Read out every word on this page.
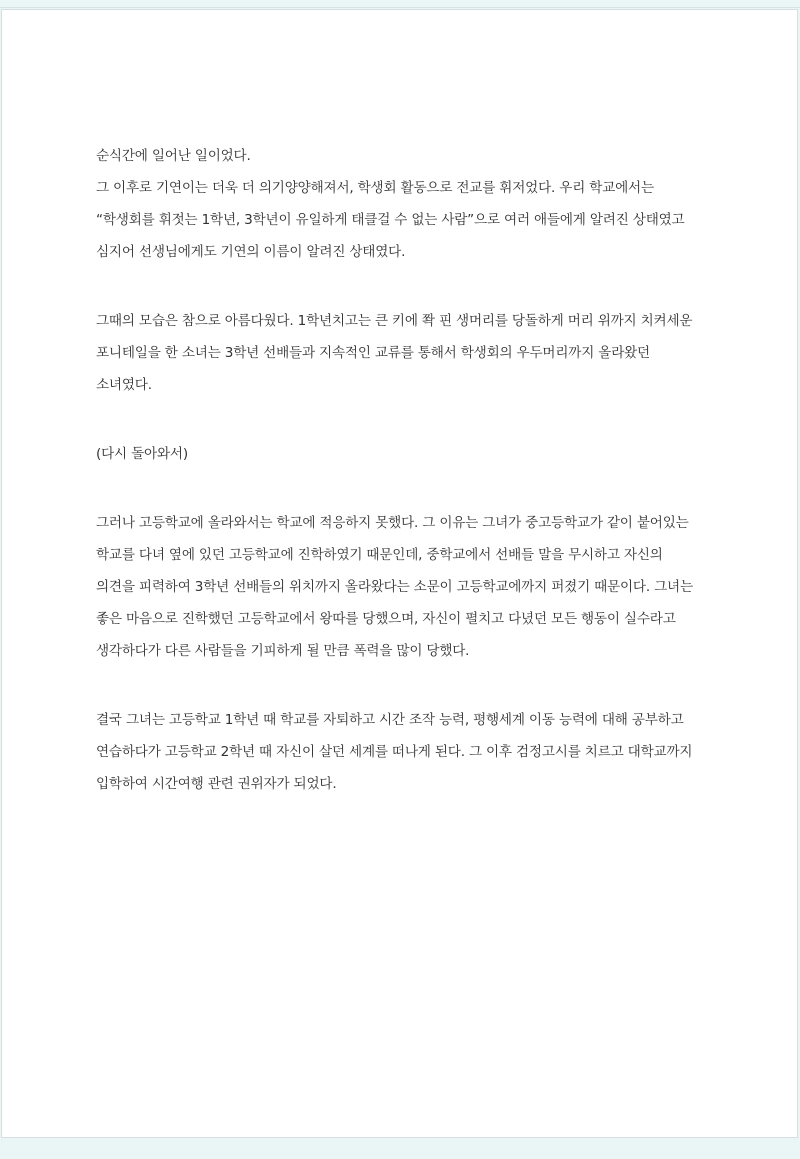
순식간에 일어난 일이었다.
그 이후로 기연이는 더욱 더 의기양양해져서, 학생회 활동으로 전교를 휘저었다. 우리 학교에서는
“학생회를 휘젓는 1학년, 3학년이 유일하게 태클걸 수 없는 사람”으로 여러 애들에게 알려진 상태였고
심지어 선생님에게도 기연의 이름이 알려진 상태였다.
그때의 모습은 참으로 아름다웠다. 1학년치고는 큰 키에 쫙 핀 생머리를 당돌하게 머리 위까지 치켜세운
포니테일을 한 소녀는 3학년 선배들과 지속적인 교류를 통해서 학생회의 우두머리까지 올라왔던
소녀였다.
(다시 돌아와서)
그러나 고등학교에 올라와서는 학교에 적응하지 못했다. 그 이유는 그녀가 중고등학교가 같이 붙어있는
학교를 다녀 옆에 있던 고등학교에 진학하였기 때문인데, 중학교에서 선배들 말을 무시하고 자신의
의견을 피력하여 3학년 선배들의 위치까지 올라왔다는 소문이 고등학교에까지 퍼졌기 때문이다. 그녀는
좋은 마음으로 진학했던 고등학교에서 왕따를 당했으며, 자신이 펼치고 다녔던 모든 행동이 실수라고
생각하다가 다른 사람들을 기피하게 될 만큼 폭력을 많이 당했다.
결국 그녀는 고등학교 1학년 때 학교를 자퇴하고 시간 조작 능력, 평행세계 이동 능력에 대해 공부하고
연습하다가 고등학교 2학년 때 자신이 살던 세계를 떠나게 된다. 그 이후 검정고시를 치르고 대학교까지
입학하여 시간여행 관련 권위자가 되었다.
